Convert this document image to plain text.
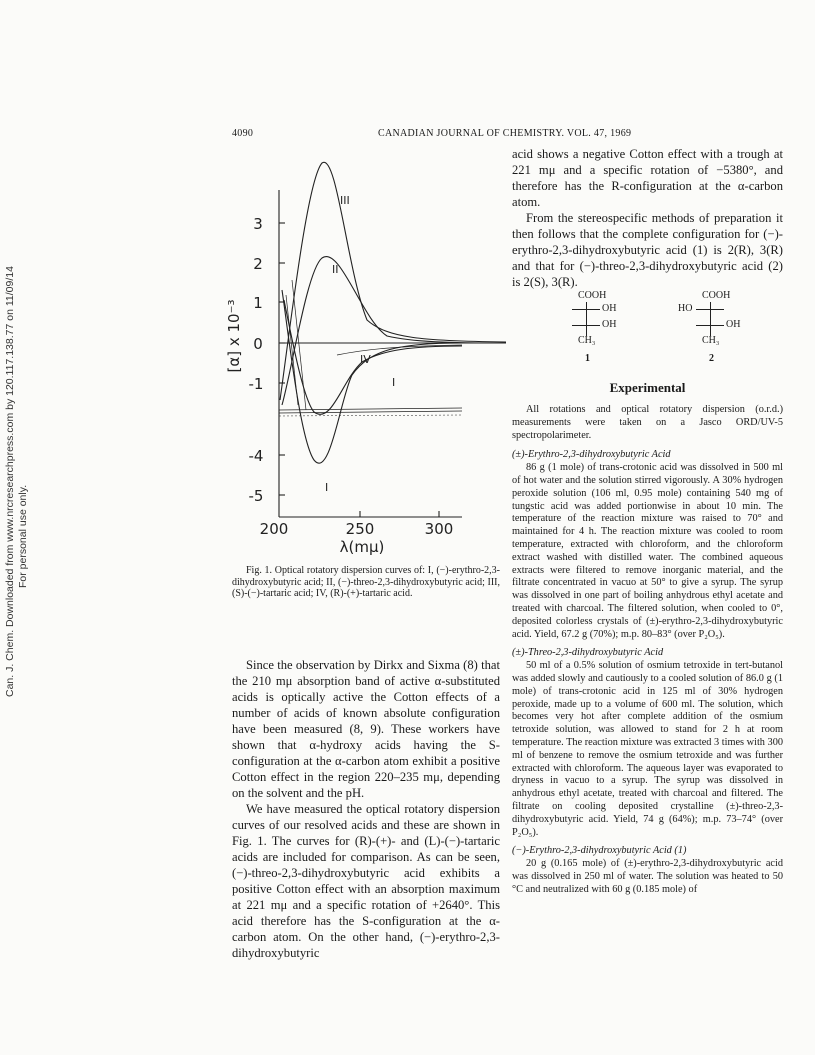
Can. J. Chem. Downloaded from www.nrcresearchpress.com by 120.117.138.77 on 11/09/14 For personal use only.
4090	CANADIAN JOURNAL OF CHEMISTRY. VOL. 47, 1969
III
II
IV
I
I
3
2
1
0
-1
-4
-5
200	250	300
λ(mμ)
[α] x 10⁻³
Fig. 1. Optical rotatory dispersion curves of: I, (−)-erythro-2,3-dihydroxybutyric acid; II, (−)-threo-2,3-dihydroxybutyric acid; III, (S)-(−)-tartaric acid; IV, (R)-(+)-tartaric acid.

Since the observation by Dirkx and Sixma (8) that the 210 mμ absorption band of active α-substituted acids is optically active the Cotton effects of a number of acids of known absolute configuration have been measured (8, 9). These workers have shown that α-hydroxy acids having the S-configuration at the α-carbon atom exhibit a positive Cotton effect in the region 220–235 mμ, depending on the solvent and the pH.

We have measured the optical rotatory dispersion curves of our resolved acids and these are shown in Fig. 1. The curves for (R)-(+)- and (L)-(−)-tartaric acids are included for comparison. As can be seen, (−)-threo-2,3-dihydroxybutyric acid exhibits a positive Cotton effect with an absorption maximum at 221 mμ and a specific rotation of +2640°. This acid therefore has the S-configuration at the α-carbon atom. On the other hand, (−)-erythro-2,3-dihydroxybutyric

acid shows a negative Cotton effect with a trough at 221 mμ and a specific rotation of −5380°, and therefore has the R-configuration at the α-carbon atom.

From the stereospecific methods of preparation it then follows that the complete configuration for (−)-erythro-2,3-dihydroxybutyric acid (1) is 2(R), 3(R) and that for (−)-threo-2,3-dihydroxybutyric acid (2) is 2(S), 3(R).

COOH
OH
OH
CH₃
1
COOH
HO
OH
CH₃
2
Experimental

All rotations and optical rotatory dispersion (o.r.d.) measurements were taken on a Jasco ORD/UV-5 spectropolarimeter.

(±)-Erythro-2,3-dihydroxybutyric Acid

86 g (1 mole) of trans-crotonic acid was dissolved in 500 ml of hot water and the solution stirred vigorously. A 30% hydrogen peroxide solution (106 ml, 0.95 mole) containing 540 mg of tungstic acid was added portionwise in about 10 min. The temperature of the reaction mixture was raised to 70° and maintained for 4 h. The reaction mixture was cooled to room temperature, extracted with chloroform, and the chloroform extract washed with distilled water. The combined aqueous extracts were filtered to remove inorganic material, and the filtrate concentrated in vacuo at 50° to give a syrup. The syrup was dissolved in one part of boiling anhydrous ethyl acetate and treated with charcoal. The filtered solution, when cooled to 0°, deposited colorless crystals of (±)-erythro-2,3-dihydroxybutyric acid. Yield, 67.2 g (70%); m.p. 80–83° (over P₂O₅).

(±)-Threo-2,3-dihydroxybutyric Acid

50 ml of a 0.5% solution of osmium tetroxide in tert-butanol was added slowly and cautiously to a cooled solution of 86.0 g (1 mole) of trans-crotonic acid in 125 ml of 30% hydrogen peroxide, made up to a volume of 600 ml. The solution, which becomes very hot after complete addition of the osmium tetroxide solution, was allowed to stand for 2 h at room temperature. The reaction mixture was extracted 3 times with 300 ml of benzene to remove the osmium tetroxide and was further extracted with chloroform. The aqueous layer was evaporated to dryness in vacuo to a syrup. The syrup was dissolved in anhydrous ethyl acetate, treated with charcoal and filtered. The filtrate on cooling deposited crystalline (±)-threo-2,3-dihydroxybutyric acid. Yield, 74 g (64%); m.p. 73–74° (over P₂O₅).

(−)-Erythro-2,3-dihydroxybutyric Acid (1)

20 g (0.165 mole) of (±)-erythro-2,3-dihydroxybutyric acid was dissolved in 250 ml of water. The solution was heated to 50 °C and neutralized with 60 g (0.185 mole) of
